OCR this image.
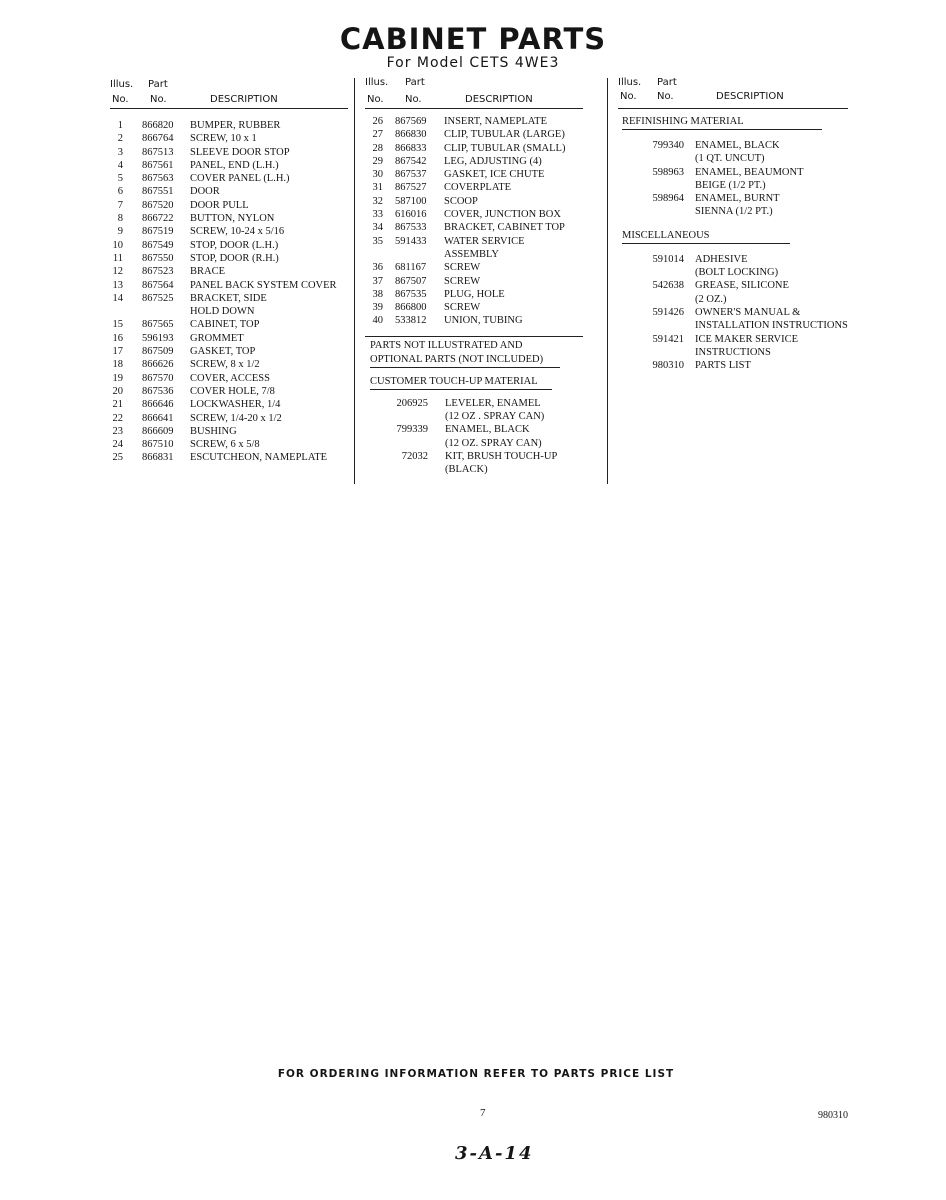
CABINET PARTS
For Model CETS 4WE3
Illus. Part
No. No.	DESCRIPTION
1 866820 BUMPER, RUBBER
2 866764 SCREW, 10 x 1
3 867513 SLEEVE DOOR STOP
4 867561 PANEL, END (L.H.)
5 867563 COVER PANEL (L.H.)
6 867551 DOOR
7 867520 DOOR PULL
8 866722 BUTTON, NYLON
9 867519 SCREW, 10-24 x 5/16
10 867549 STOP, DOOR (L.H.)
11 867550 STOP, DOOR (R.H.)
12 867523 BRACE
13 867564 PANEL BACK SYSTEM COVER
14 867525 BRACKET, SIDE
HOLD DOWN
15 867565 CABINET, TOP
16 596193 GROMMET
17 867509 GASKET, TOP
18 866626 SCREW, 8 x 1/2
19 867570 COVER, ACCESS
20 867536 COVER HOLE, 7/8
21 866646 LOCKWASHER, 1/4
22 866641 SCREW, 1/4-20 x 1/2
23 866609 BUSHING
24 867510 SCREW, 6 x 5/8
25 866831 ESCUTCHEON, NAMEPLATE
Illus. Part
No. No.	DESCRIPTION
26 867569 INSERT, NAMEPLATE
27 866830 CLIP, TUBULAR (LARGE)
28 866833 CLIP, TUBULAR (SMALL)
29 867542 LEG, ADJUSTING (4)
30 867537 GASKET, ICE CHUTE
31 867527 COVERPLATE
32 587100 SCOOP
33 616016 COVER, JUNCTION BOX
34 867533 BRACKET, CABINET TOP
35 591433 WATER SERVICE
ASSEMBLY
36 681167 SCREW
37 867507 SCREW
38 867535 PLUG, HOLE
39 866800 SCREW
40 533812 UNION, TUBING
PARTS NOT ILLUSTRATED AND
OPTIONAL PARTS (NOT INCLUDED)
CUSTOMER TOUCH-UP MATERIAL
206925 LEVELER, ENAMEL
(12 OZ . SPRAY CAN)
799339 ENAMEL, BLACK
(12 OZ. SPRAY CAN)
72032 KIT, BRUSH TOUCH-UP
(BLACK)
Illus. Part
No. No.	DESCRIPTION
REFINISHING MATERIAL
799340 ENAMEL, BLACK
(1 QT. UNCUT)
598963 ENAMEL, BEAUMONT
BEIGE (1/2 PT.)
598964 ENAMEL, BURNT
SIENNA (1/2 PT.)
MISCELLANEOUS
591014 ADHESIVE
(BOLT LOCKING)
542638 GREASE, SILICONE
(2 OZ.)
591426 OWNER'S MANUAL &
INSTALLATION INSTRUCTIONS
591421 ICE MAKER SERVICE
INSTRUCTIONS
980310 PARTS LIST
FOR ORDERING INFORMATION REFER TO PARTS PRICE LIST
7	980310
3-A-14
